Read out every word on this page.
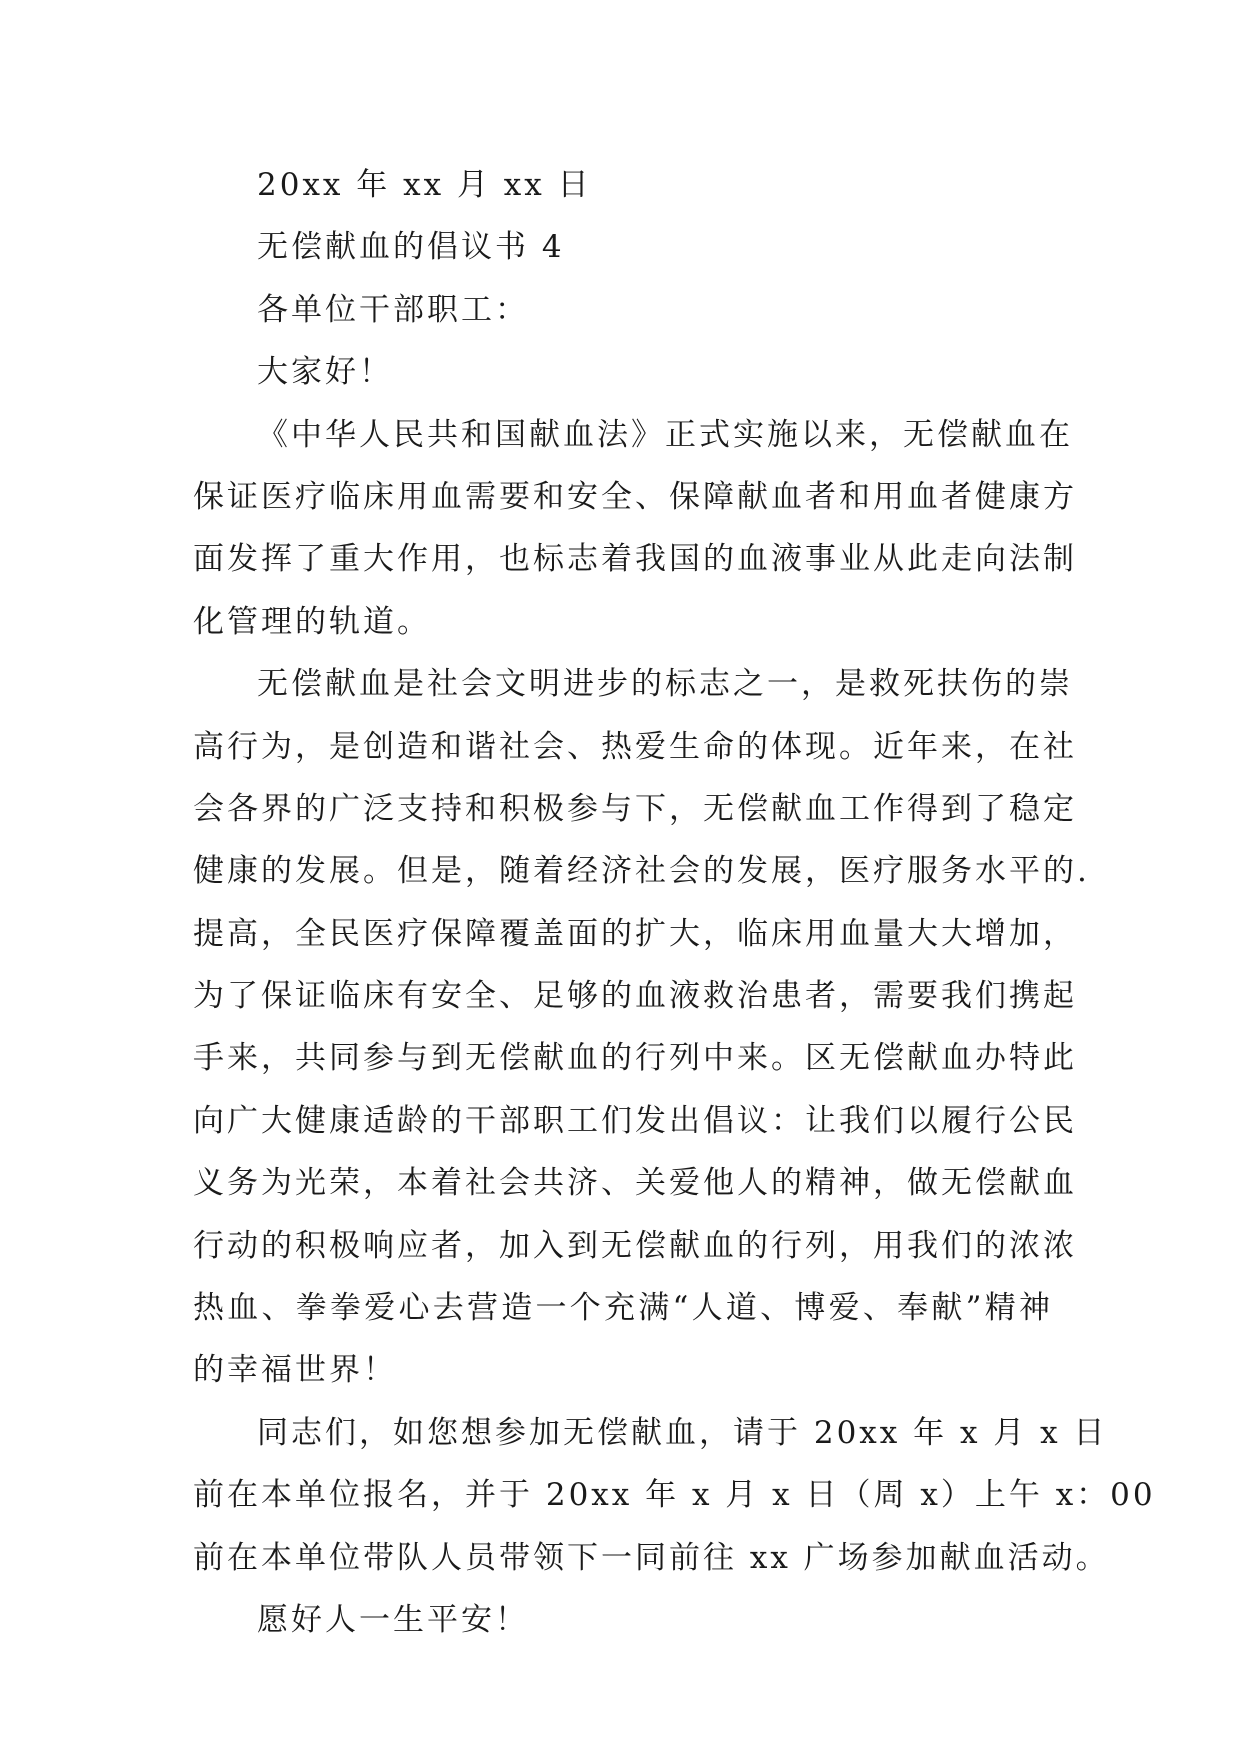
20xx 年 xx 月 xx 日
无偿献血的倡议书 4
各单位干部职工：
大家好！
《中华人民共和国献血法》正式实施以来，无偿献血在
保证医疗临床用血需要和安全、保障献血者和用血者健康方
面发挥了重大作用，也标志着我国的血液事业从此走向法制
化管理的轨道。
无偿献血是社会文明进步的标志之一，是救死扶伤的崇
高行为，是创造和谐社会、热爱生命的体现。近年来，在社
会各界的广泛支持和积极参与下，无偿献血工作得到了稳定
健康的发展。但是，随着经济社会的发展，医疗服务水平的.
提高，全民医疗保障覆盖面的扩大，临床用血量大大增加，
为了保证临床有安全、足够的血液救治患者，需要我们携起
手来，共同参与到无偿献血的行列中来。区无偿献血办特此
向广大健康适龄的干部职工们发出倡议：让我们以履行公民
义务为光荣，本着社会共济、关爱他人的精神，做无偿献血
行动的积极响应者，加入到无偿献血的行列，用我们的浓浓
热血、拳拳爱心去营造一个充满“人道、博爱、奉献”精神
的幸福世界！
同志们，如您想参加无偿献血，请于 20xx 年 x 月 x 日
前在本单位报名，并于 20xx 年 x 月 x 日（周 x）上午 x：00
前在本单位带队人员带领下一同前往 xx 广场参加献血活动。
愿好人一生平安！
